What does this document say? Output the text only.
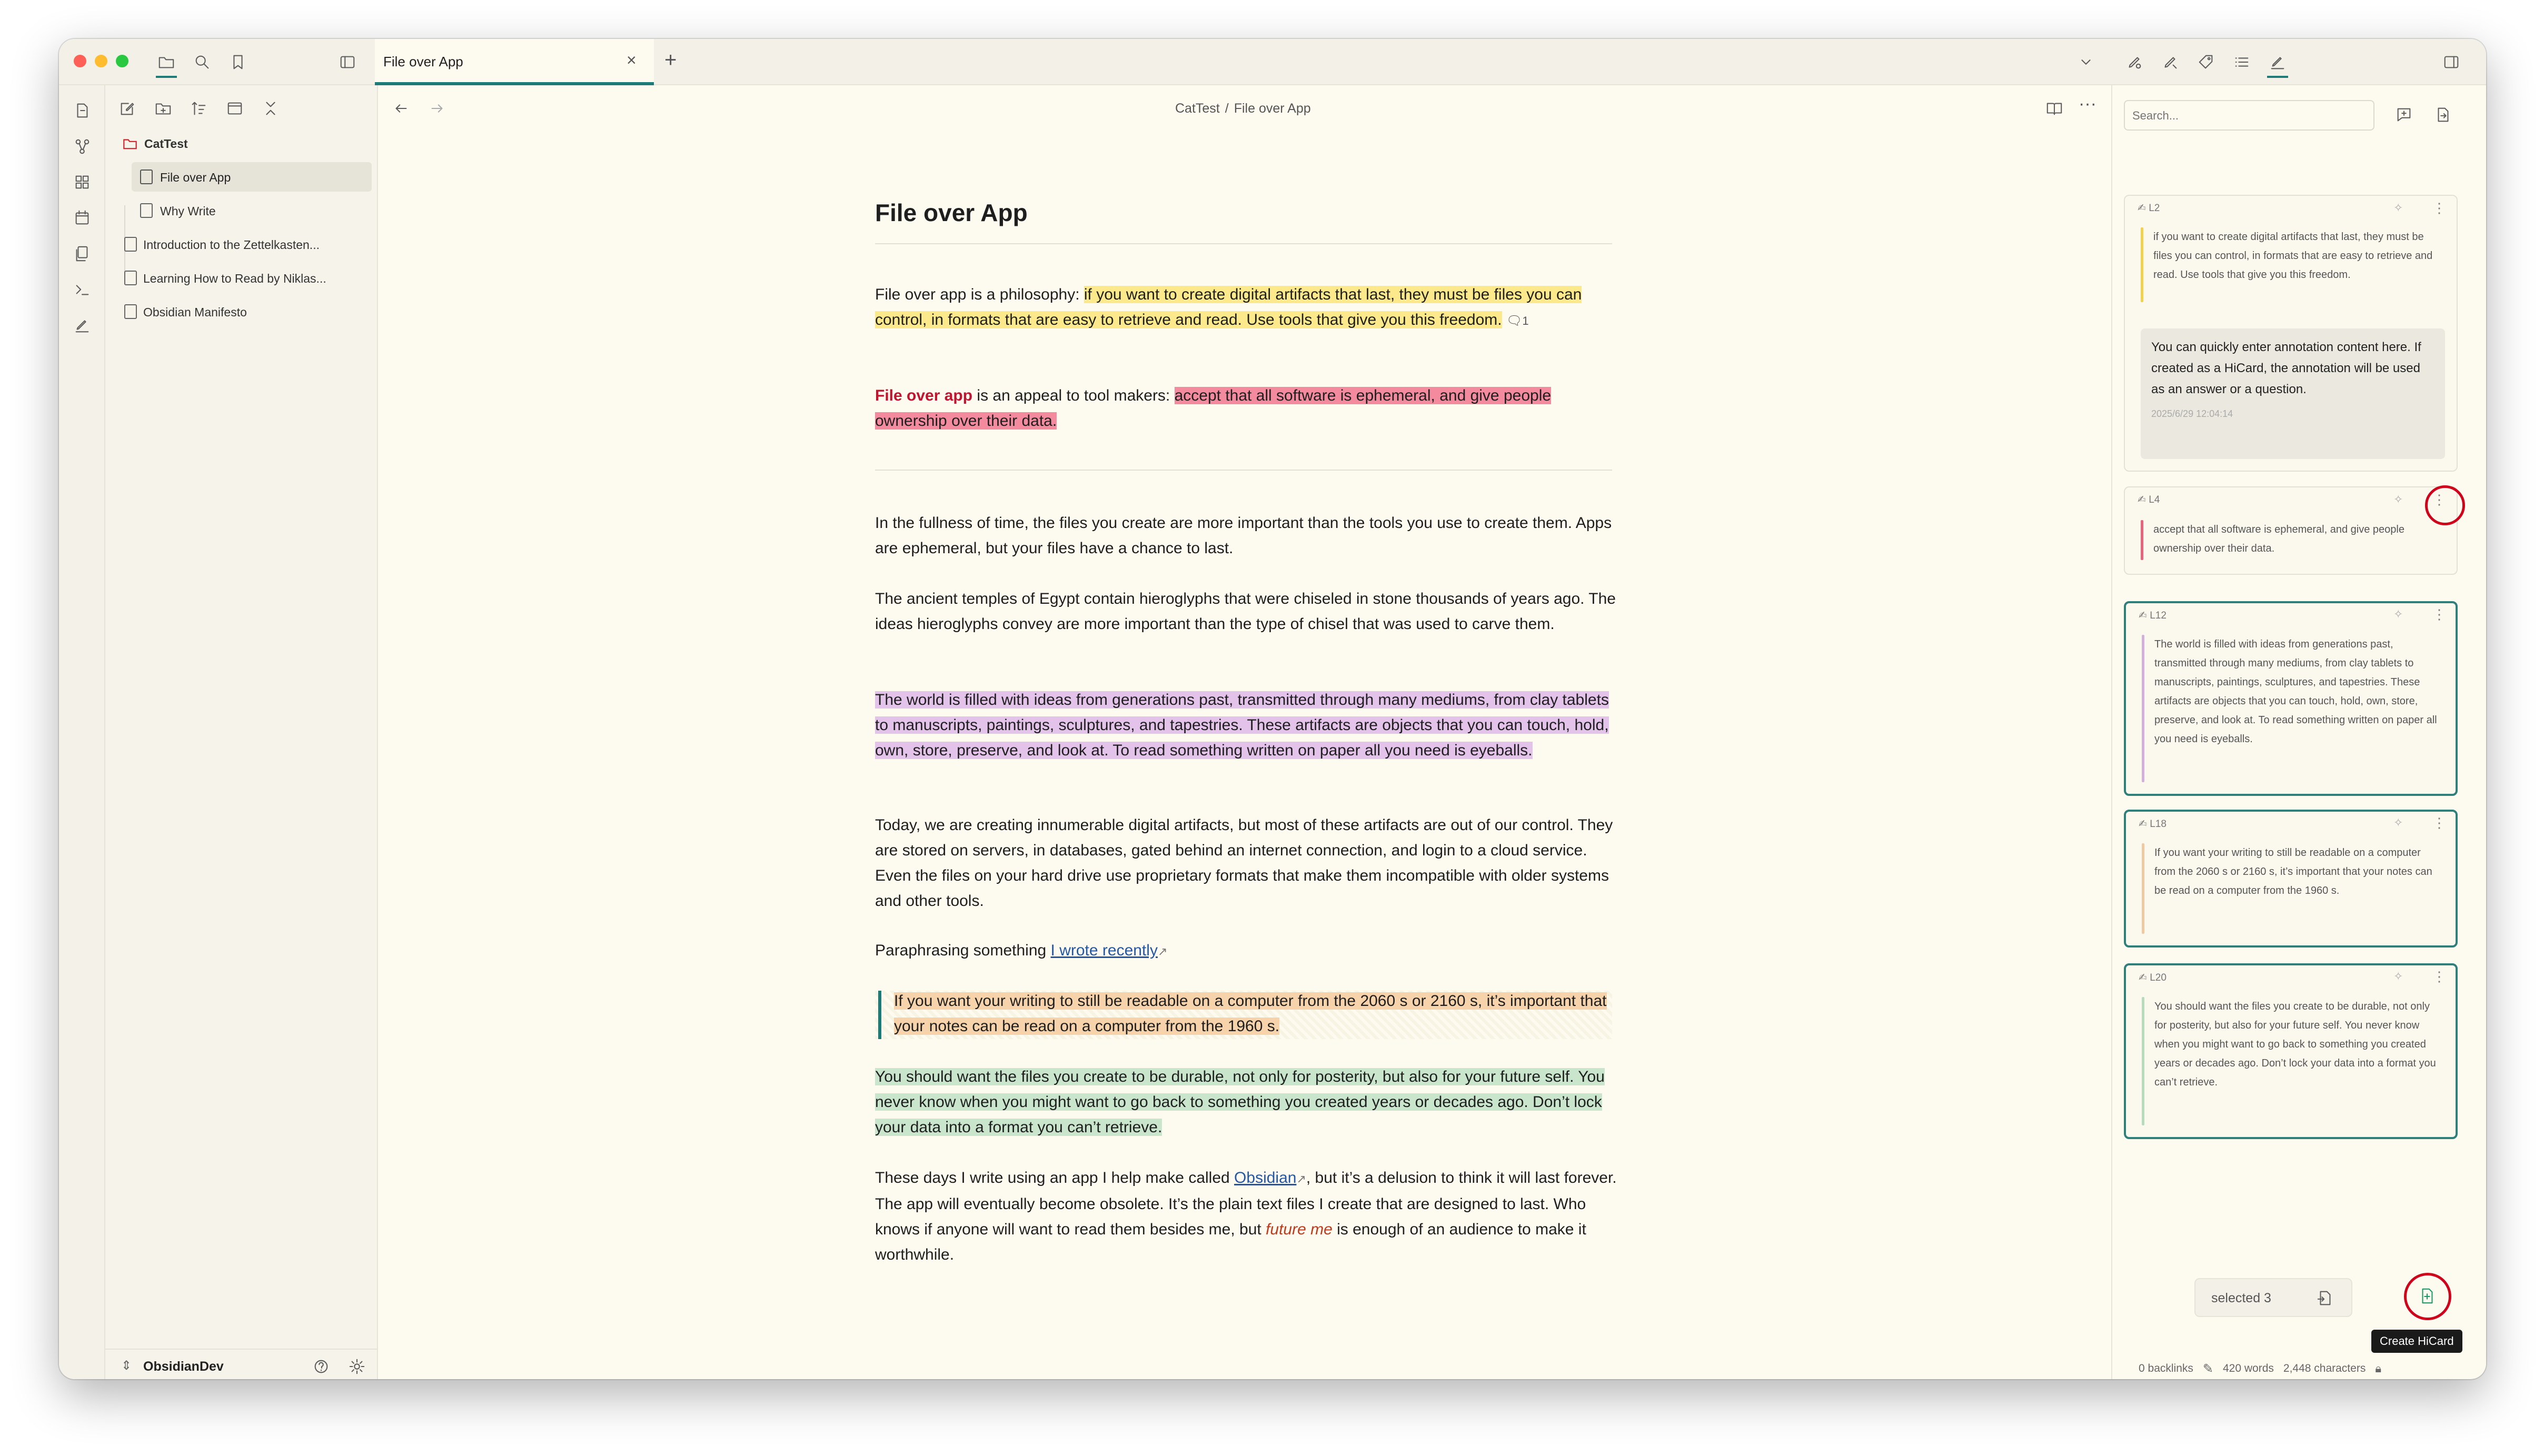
File over App	× +
CatTest
File over App
Why Write
Introduction to the Zettelkasten...
Learning How to Read by Niklas...
Obsidian Manifesto
⇕ ObsidianDev
CatTest / File over App	···
File over App
File over app is a philosophy: if you want to create digital artifacts that last, they must be files you can control, in formats that are easy to retrieve and read. Use tools that give you this freedom. 🗨︎1
File over app is an appeal to tool makers: accept that all software is ephemeral, and give people ownership over their data.
In the fullness of time, the files you create are more important than the tools you use to create them. Apps are ephemeral, but your files have a chance to last.
The ancient temples of Egypt contain hieroglyphs that were chiseled in stone thousands of years ago. The ideas hieroglyphs convey are more important than the type of chisel that was used to carve them.
The world is filled with ideas from generations past, transmitted through many mediums, from clay tablets to manuscripts, paintings, sculptures, and tapestries. These artifacts are objects that you can touch, hold, own, store, preserve, and look at. To read something written on paper all you need is eyeballs.
Today, we are creating innumerable digital artifacts, but most of these artifacts are out of our control. They are stored on servers, in databases, gated behind an internet connection, and login to a cloud service. Even the files on your hard drive use proprietary formats that make them incompatible with older systems and other tools.
Paraphrasing something I wrote recently↗
If you want your writing to still be readable on a computer from the 2060 s or 2160 s, it’s important that your notes can be read on a computer from the 1960 s.
You should want the files you create to be durable, not only for posterity, but also for your future self. You never know when you might want to go back to something you created years or decades ago. Don’t lock your data into a format you can’t retrieve.
These days I write using an app I help make called Obsidian↗, but it’s a delusion to think it will last forever. The app will eventually become obsolete. It’s the plain text files I create that are designed to last. Who knows if anyone will want to read them besides me, but future me is enough of an audience to make it worthwhile.
Search...
✍︎ L2	✧ ⋮
if you want to create digital artifacts that last, they must be files you can control, in formats that are easy to retrieve and read. Use tools that give you this freedom.
You can quickly enter annotation content here. If created as a HiCard, the annotation will be used as an answer or a question.
2025/6/29 12:04:14
✍︎ L4	✧ ⋮
accept that all software is ephemeral, and give people ownership over their data.
✍︎ L12	✧ ⋮
The world is filled with ideas from generations past, transmitted through many mediums, from clay tablets to manuscripts, paintings, sculptures, and tapestries. These artifacts are objects that you can touch, hold, own, store, preserve, and look at. To read something written on paper all you need is eyeballs.
✍︎ L18	✧ ⋮
If you want your writing to still be readable on a computer from the 2060 s or 2160 s, it’s important that your notes can be read on a computer from the 1960 s.
✍︎ L20	✧ ⋮
You should want the files you create to be durable, not only for posterity, but also for your future self. You never know when you might want to go back to something you created years or decades ago. Don’t lock your data into a format you can’t retrieve.
selected 3
Create HiCard
0 backlinks ✎ 420 words 2,448 characters 🔒︎
